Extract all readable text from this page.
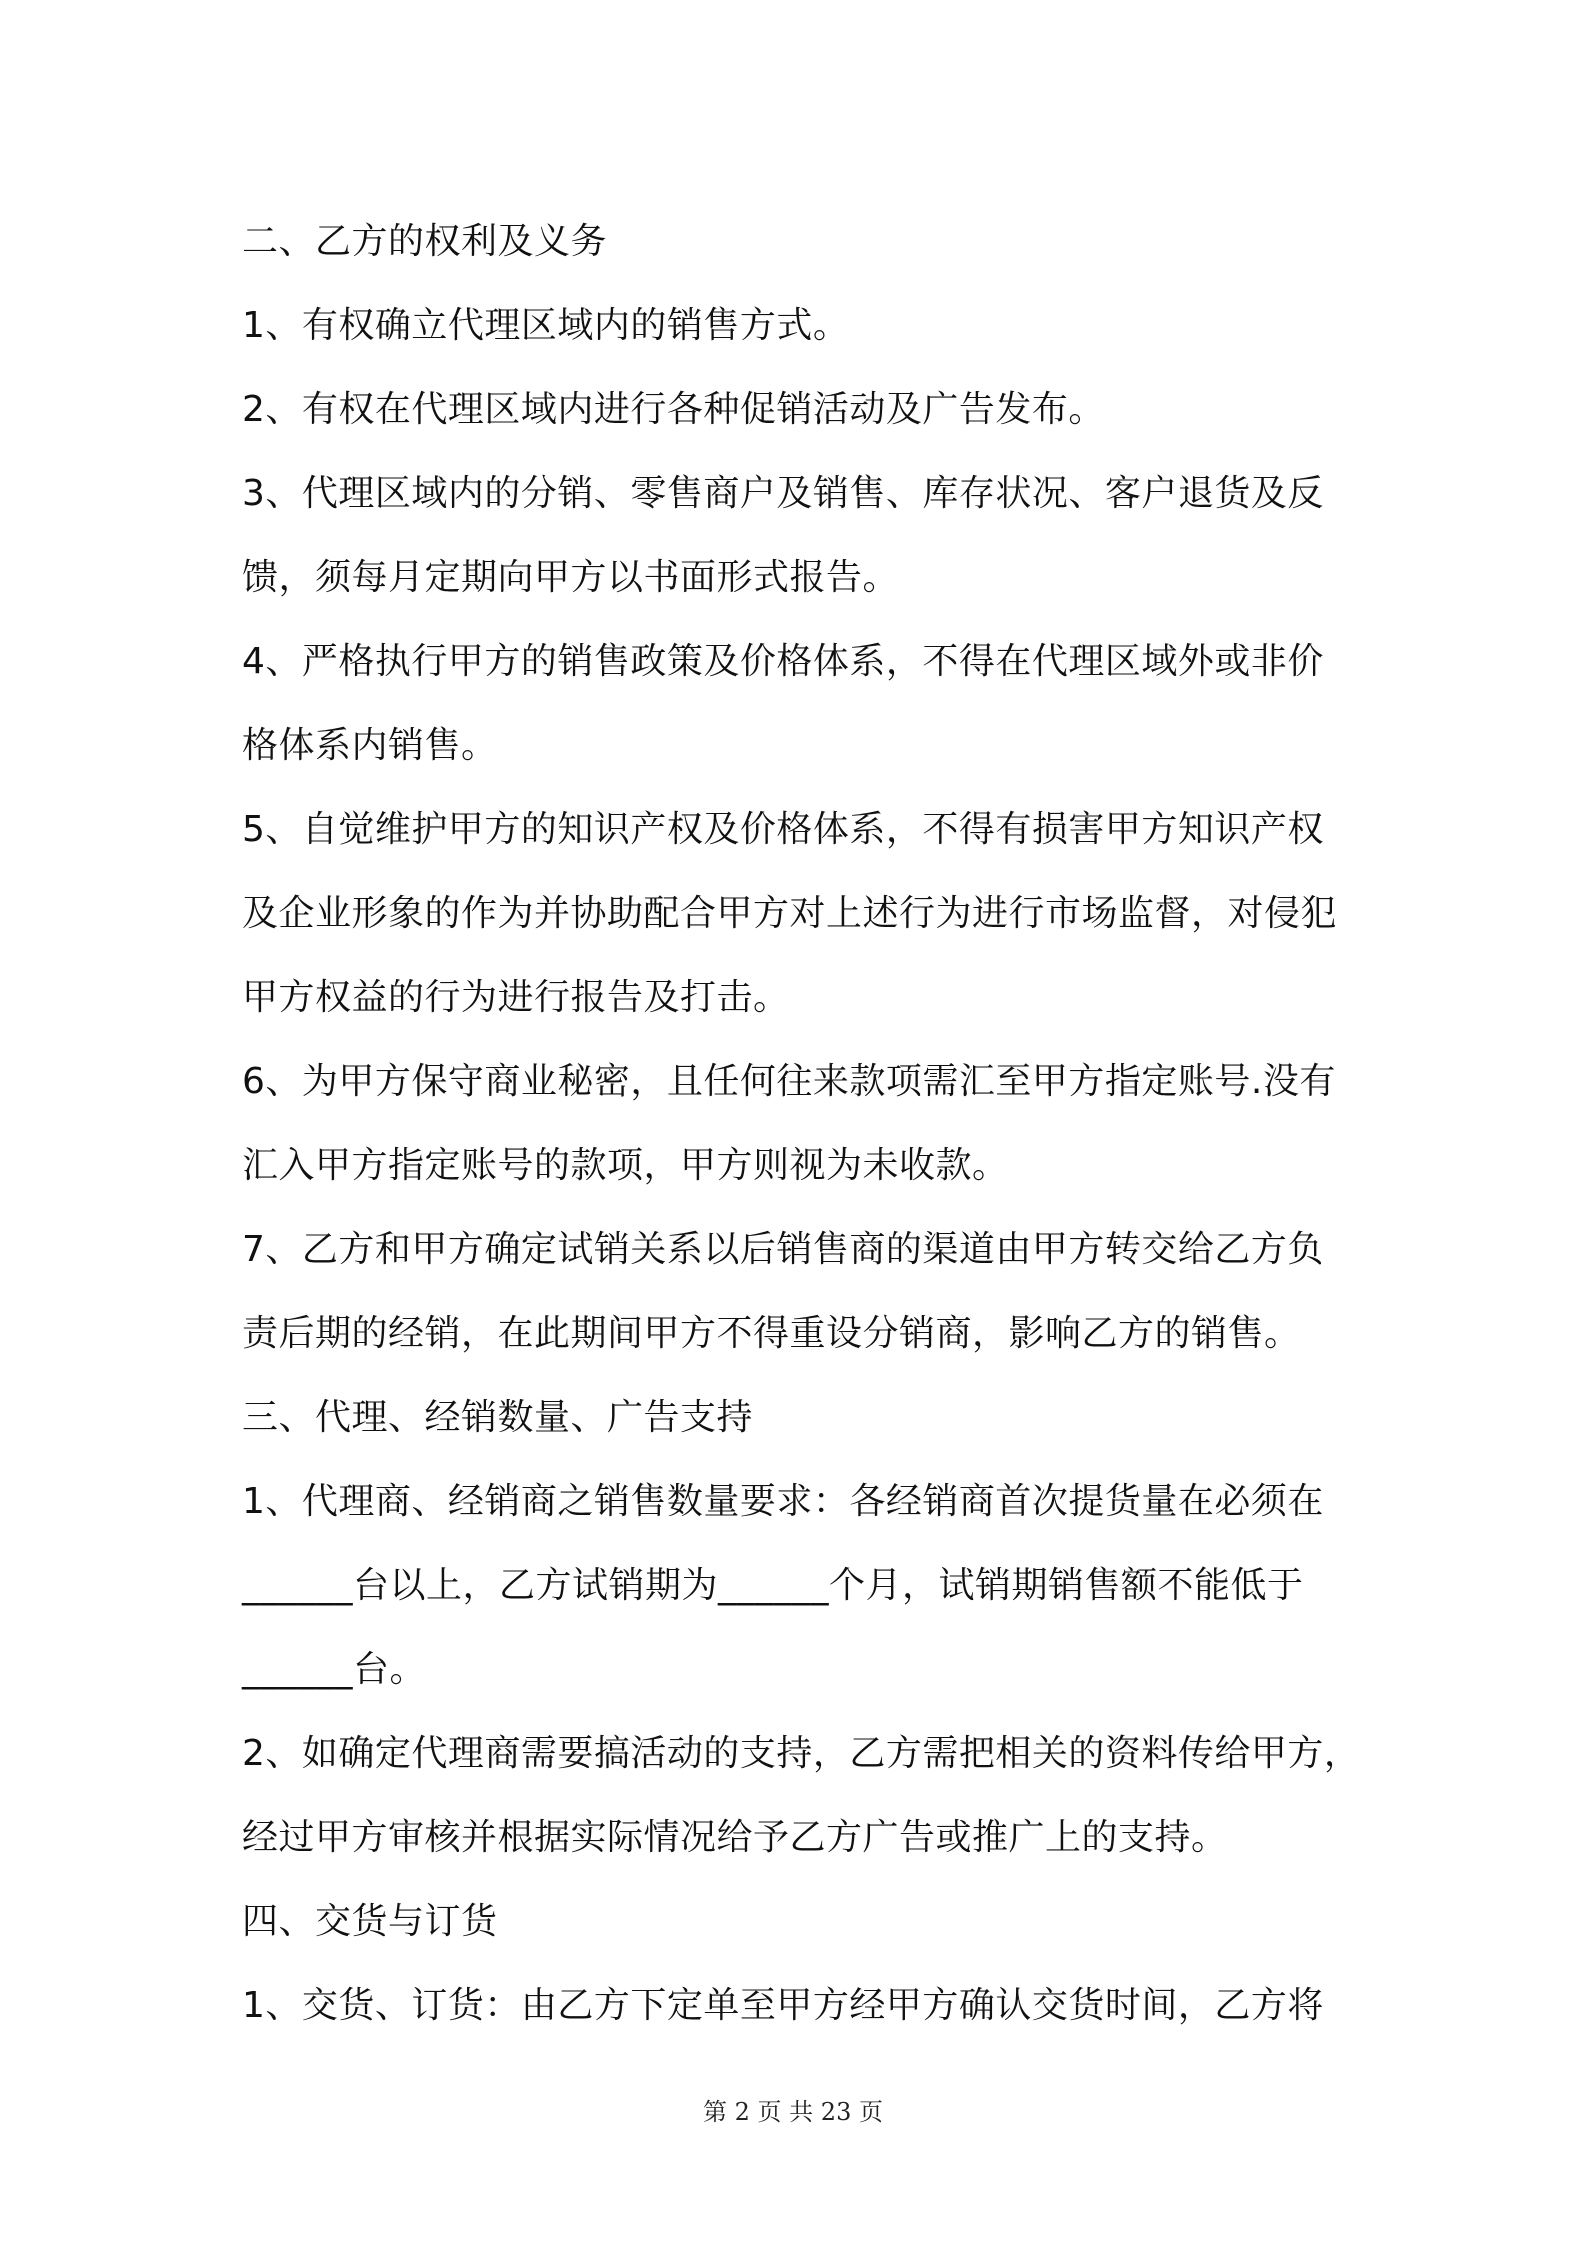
二、乙方的权利及义务
1、有权确立代理区域内的销售方式。
2、有权在代理区域内进行各种促销活动及广告发布。
3、代理区域内的分销、零售商户及销售、库存状况、客户退货及反
馈，须每月定期向甲方以书面形式报告。
4、严格执行甲方的销售政策及价格体系，不得在代理区域外或非价
格体系内销售。
5、自觉维护甲方的知识产权及价格体系，不得有损害甲方知识产权
及企业形象的作为并协助配合甲方对上述行为进行市场监督，对侵犯
甲方权益的行为进行报告及打击。
6、为甲方保守商业秘密，且任何往来款项需汇至甲方指定账号.没有
汇入甲方指定账号的款项，甲方则视为未收款。
7、乙方和甲方确定试销关系以后销售商的渠道由甲方转交给乙方负
责后期的经销，在此期间甲方不得重设分销商，影响乙方的销售。
三、代理、经销数量、广告支持
1、代理商、经销商之销售数量要求：各经销商首次提货量在必须在
______台以上，乙方试销期为______个月，试销期销售额不能低于
______台。
2、如确定代理商需要搞活动的支持，乙方需把相关的资料传给甲方，
经过甲方审核并根据实际情况给予乙方广告或推广上的支持。
四、交货与订货
1、交货、订货：由乙方下定单至甲方经甲方确认交货时间，乙方将
第 2 页 共 23 页
